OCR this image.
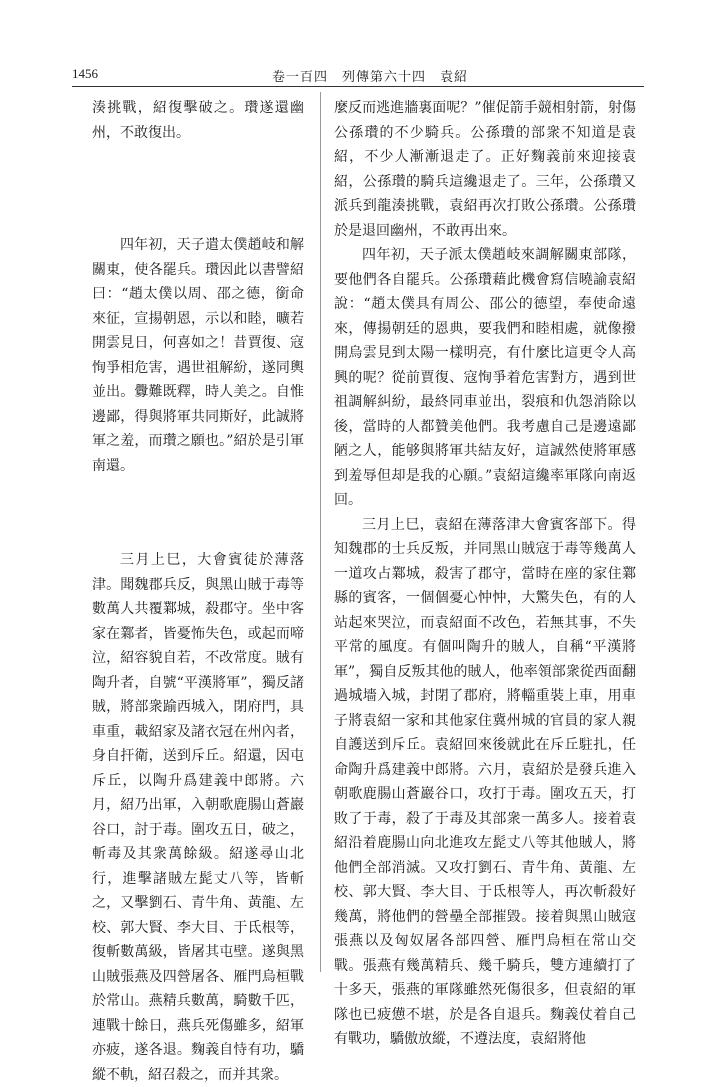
1456	卷一百四　列傳第六十四　袁紹

湊挑戰，紹復擊破之。瓚遂還幽州，不敢復出。

四年初，天子遣太僕趙岐和解關東，使各罷兵。瓚因此以書譬紹曰：“趙太僕以周、邵之德，銜命來征，宣揚朝恩，示以和睦，曠若開雲見日，何喜如之！昔賈復、寇恂爭相危害，遇世祖解紛，遂同輿並出。釁難既釋，時人美之。自惟邊鄙，得與將軍共同斯好，此誠將軍之羞，而瓚之願也。”紹於是引軍南還。

三月上巳，大會賓徒於薄落津。聞魏郡兵反，與黑山賊于毒等數萬人共覆鄴城，殺郡守。坐中客家在鄴者，皆憂怖失色，或起而啼泣，紹容貌自若，不改常度。賊有陶升者，自號“平漢將軍”，獨反諸賊，將部衆踰西城入，閉府門，具車重，載紹家及諸衣冠在州內者，身自扞衛，送到斥丘。紹還，因屯斥丘，以陶升爲建義中郎將。六月，紹乃出軍，入朝歌鹿腸山蒼巖谷口，討于毒。圍攻五日，破之，斬毒及其衆萬餘級。紹遂尋山北行，進擊諸賊左髭丈八等，皆斬之，又擊劉石、青牛角、黃龍、左校、郭大賢、李大目、于氐根等，復斬數萬級，皆屠其屯壁。遂與黑山賊張燕及四營屠各、雁門烏桓戰於常山。燕精兵數萬，騎數千匹，連戰十餘日，燕兵死傷雖多，紹軍亦疲，遂各退。麴義自恃有功，驕縱不軌，紹召殺之，而并其衆。

麼反而逃進牆裏面呢？”催促箭手競相射箭，射傷公孫瓚的不少騎兵。公孫瓚的部衆不知道是袁紹，不少人漸漸退走了。正好麴義前來迎接袁紹，公孫瓚的騎兵這纔退走了。三年，公孫瓚又派兵到龍湊挑戰，袁紹再次打敗公孫瓚。公孫瓚於是退回幽州，不敢再出來。

四年初，天子派太僕趙岐來調解關東部隊，要他們各自罷兵。公孫瓚藉此機會寫信曉諭袁紹說：“趙太僕具有周公、邵公的德望，奉使命遠來，傳揚朝廷的恩典，要我們和睦相處，就像撥開烏雲見到太陽一樣明亮，有什麼比這更令人高興的呢？從前賈復、寇恂爭着危害對方，遇到世祖調解糾紛，最終同車並出，裂痕和仇怨消除以後，當時的人都贊美他們。我考慮自己是邊遠鄙陋之人，能够與將軍共結友好，這誠然使將軍感到羞辱但却是我的心願。”袁紹這纔率軍隊向南返回。

三月上巳，袁紹在薄落津大會賓客部下。得知魏郡的士兵反叛，并同黑山賊寇于毒等幾萬人一道攻占鄴城，殺害了郡守，當時在座的家住鄴縣的賓客，一個個憂心忡忡，大驚失色，有的人站起來哭泣，而袁紹面不改色，若無其事，不失平常的風度。有個叫陶升的賊人，自稱“平漢將軍”，獨自反叛其他的賊人，他率領部衆從西面翻過城墻入城，封閉了郡府，將輜重裝上車，用車子將袁紹一家和其他家住冀州城的官員的家人親自護送到斥丘。袁紹回來後就此在斥丘駐扎，任命陶升爲建義中郎將。六月，袁紹於是發兵進入朝歌鹿腸山蒼巖谷口，攻打于毒。圍攻五天，打敗了于毒，殺了于毒及其部衆一萬多人。接着袁紹沿着鹿腸山向北進攻左髭丈八等其他賊人，將他們全部消滅。又攻打劉石、青牛角、黃龍、左校、郭大賢、李大目、于氐根等人，再次斬殺好幾萬，將他們的營壘全部摧毀。接着與黑山賊寇張燕以及匈奴屠各部四營、雁門烏桓在常山交戰。張燕有幾萬精兵、幾千騎兵，雙方連續打了十多天，張燕的軍隊雖然死傷很多，但袁紹的軍隊也已疲憊不堪，於是各自退兵。麴義仗着自己有戰功，驕傲放縱，不遵法度，袁紹將他
